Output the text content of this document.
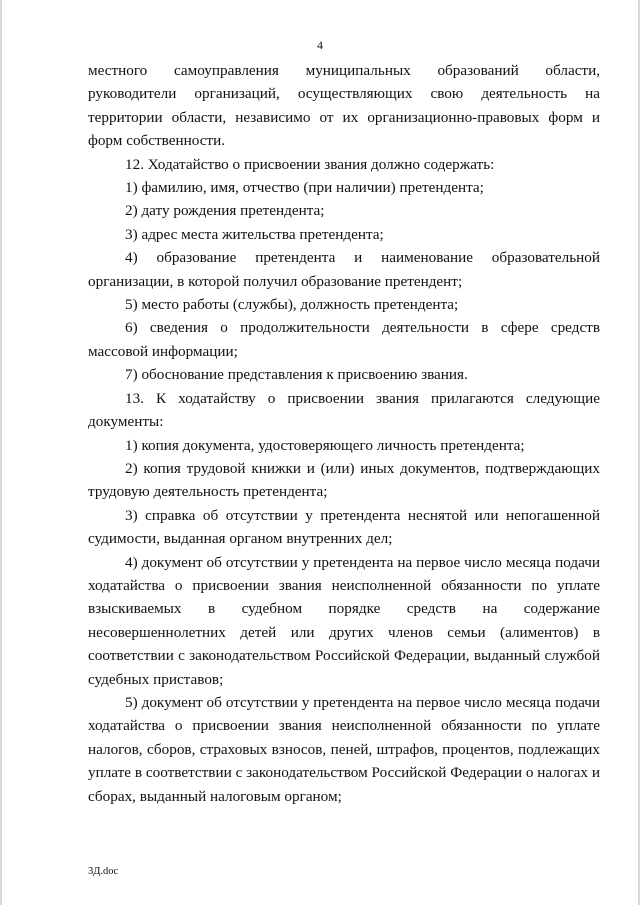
4

местного самоуправления муниципальных образований области, руководители организаций, осуществляющих свою деятельность на территории области, независимо от их организационно-правовых форм и форм собственности.

12. Ходатайство о присвоении звания должно содержать:

1) фамилию, имя, отчество (при наличии) претендента;

2) дату рождения претендента;

3) адрес места жительства претендента;

4) образование претендента и наименование образовательной организации, в которой получил образование претендент;

5) место работы (службы), должность претендента;

6) сведения о продолжительности деятельности в сфере средств массовой информации;

7) обоснование представления к присвоению звания.

13. К ходатайству о присвоении звания прилагаются следующие документы:

1) копия документа, удостоверяющего личность претендента;

2) копия трудовой книжки и (или) иных документов, подтверждающих трудовую деятельность претендента;

3) справка об отсутствии у претендента неснятой или непогашенной судимости, выданная органом внутренних дел;

4) документ об отсутствии у претендента на первое число месяца подачи ходатайства о присвоении звания неисполненной обязанности по уплате взыскиваемых в судебном порядке средств на содержание несовершеннолетних детей или других членов семьи (алиментов) в соответствии с законодательством Российской Федерации, выданный службой судебных приставов;

5) документ об отсутствии у претендента на первое число месяца подачи ходатайства о присвоении звания неисполненной обязанности по уплате налогов, сборов, страховых взносов, пеней, штрафов, процентов, подлежащих уплате в соответствии с законодательством Российской Федерации о налогах и сборах, выданный налоговым органом;

3Д.doc
